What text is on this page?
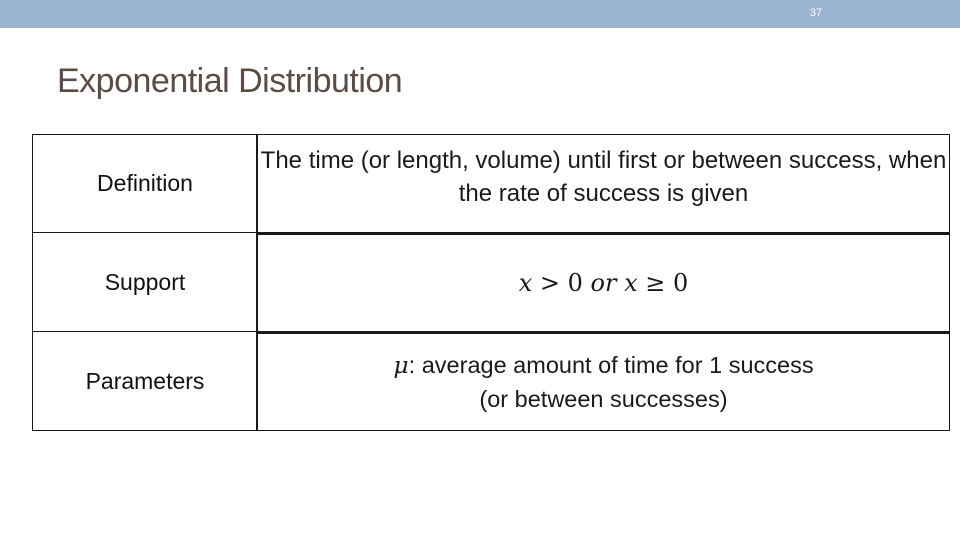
37
Exponential Distribution
Definition
The time (or length, volume) until first or between success, when the rate of success is given
Support	x > 0 or x ≥ 0
Parameters
μ: average amount of time for 1 success
(or between successes)
